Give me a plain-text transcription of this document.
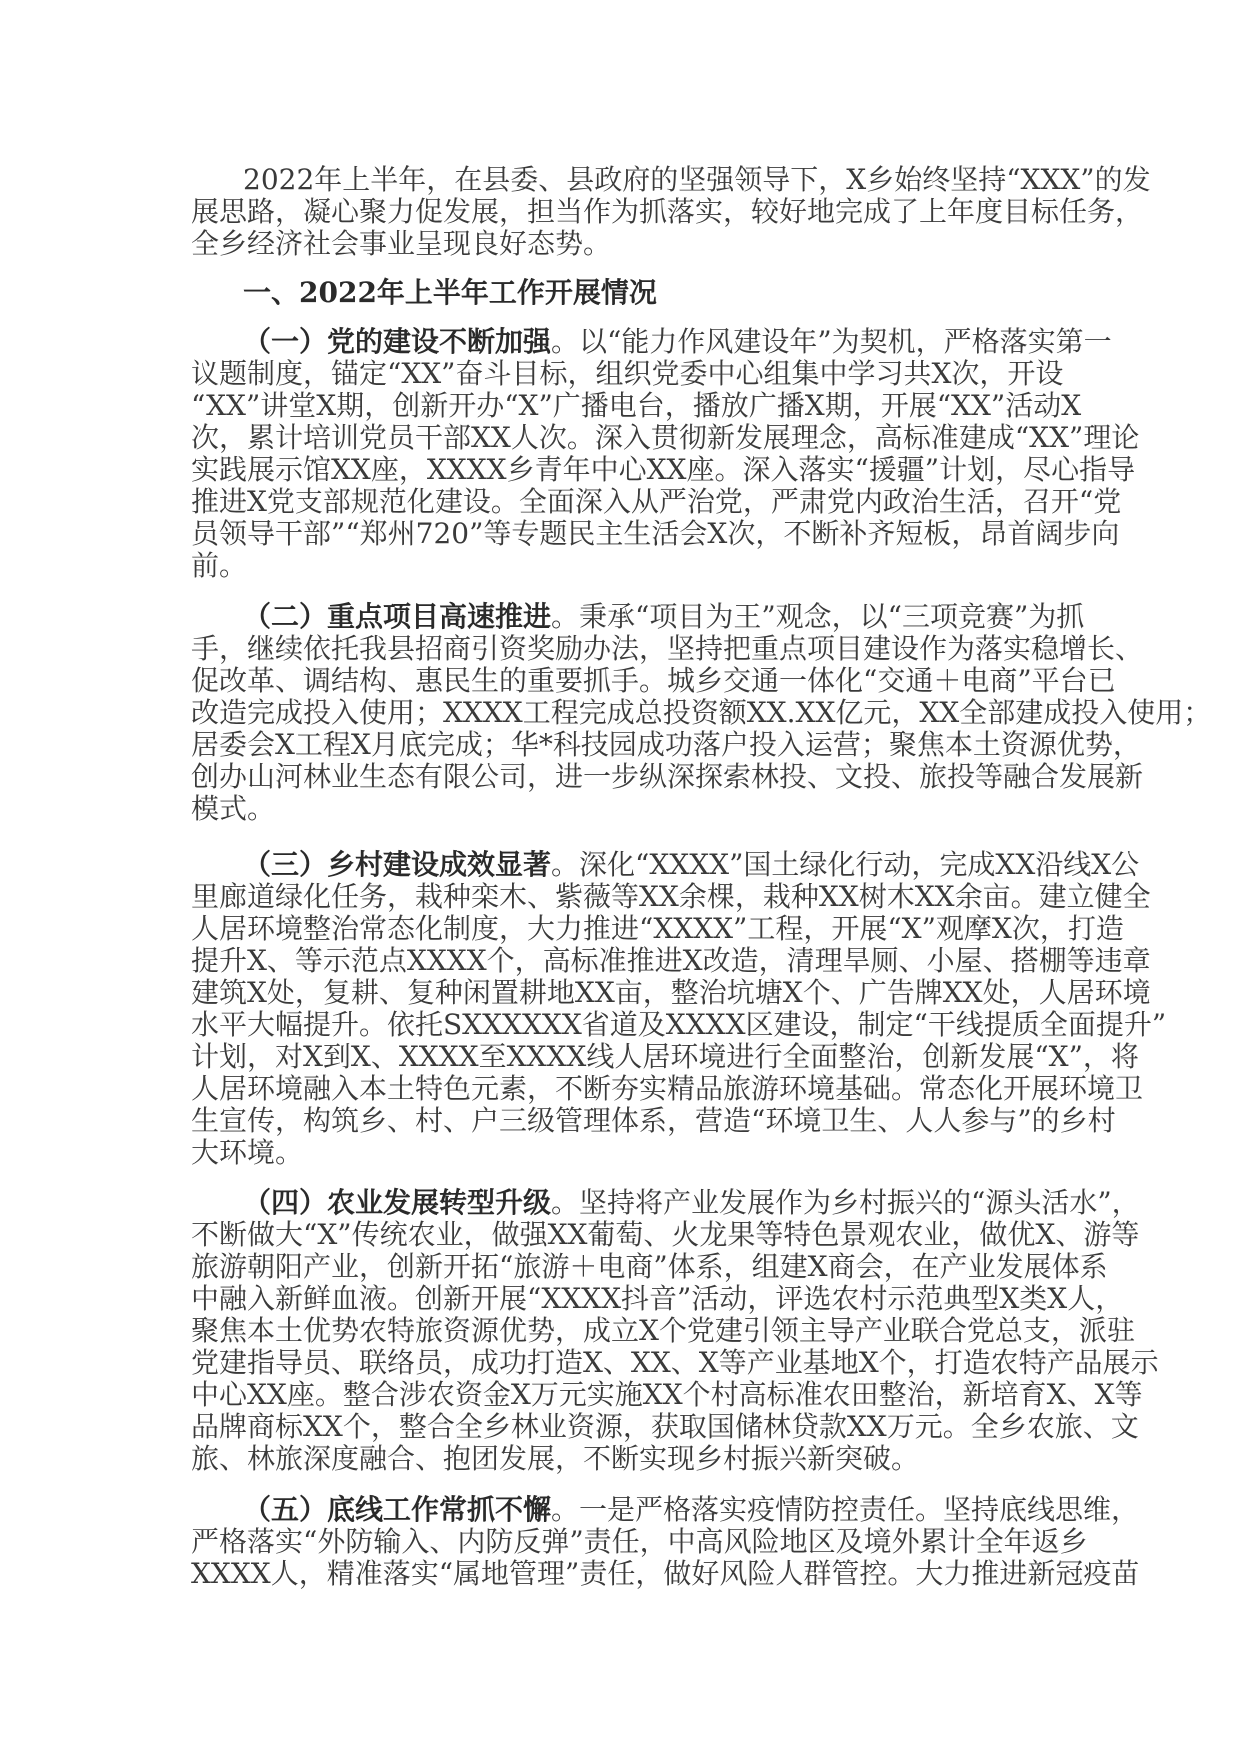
2022年上半年，在县委、县政府的坚强领导下，X乡始终坚持“XXX”的发
展思路，凝心聚力促发展，担当作为抓落实，较好地完成了上年度目标任务，
全乡经济社会事业呈现良好态势。
一、2022年上半年工作开展情况
（一）党的建设不断加强。以“能力作风建设年”为契机，严格落实第一
议题制度，锚定“XX”奋斗目标，组织党委中心组集中学习共X次，开设
“XX”讲堂X期，创新开办“X”广播电台，播放广播X期，开展“XX”活动X
次，累计培训党员干部XX人次。深入贯彻新发展理念，高标准建成“XX”理论
实践展示馆XX座，XXXX乡青年中心XX座。深入落实“援疆”计划，尽心指导
推进X党支部规范化建设。全面深入从严治党，严肃党内政治生活，召开“党
员领导干部”“郑州720”等专题民主生活会X次，不断补齐短板，昂首阔步向
前。
（二）重点项目高速推进。秉承“项目为王”观念，以“三项竞赛”为抓
手，继续依托我县招商引资奖励办法，坚持把重点项目建设作为落实稳增长、
促改革、调结构、惠民生的重要抓手。城乡交通一体化“交通＋电商”平台已
改造完成投入使用；XXXX工程完成总投资额XX.XX亿元，XX全部建成投入使用；
居委会X工程X月底完成；华*科技园成功落户投入运营；聚焦本土资源优势，
创办山河林业生态有限公司，进一步纵深探索林投、文投、旅投等融合发展新
模式。
（三）乡村建设成效显著。深化“XXXX”国土绿化行动，完成XX沿线X公
里廊道绿化任务，栽种栾木、紫薇等XX余棵，栽种XX树木XX余亩。建立健全
人居环境整治常态化制度，大力推进“XXXX”工程，开展“X”观摩X次，打造
提升X、等示范点XXXX个，高标准推进X改造，清理旱厕、小屋、搭棚等违章
建筑X处，复耕、复种闲置耕地XX亩，整治坑塘X个、广告牌XX处，人居环境
水平大幅提升。依托SXXXXXX省道及XXXX区建设，制定“干线提质全面提升”
计划，对X到X、XXXX至XXXX线人居环境进行全面整治，创新发展“X”，将
人居环境融入本土特色元素，不断夯实精品旅游环境基础。常态化开展环境卫
生宣传，构筑乡、村、户三级管理体系，营造“环境卫生、人人参与”的乡村
大环境。
（四）农业发展转型升级。坚持将产业发展作为乡村振兴的“源头活水”，
不断做大“X”传统农业，做强XX葡萄、火龙果等特色景观农业，做优X、游等
旅游朝阳产业，创新开拓“旅游＋电商”体系，组建X商会，在产业发展体系
中融入新鲜血液。创新开展“XXXX抖音”活动，评选农村示范典型X类X人，
聚焦本土优势农特旅资源优势，成立X个党建引领主导产业联合党总支，派驻
党建指导员、联络员，成功打造X、XX、X等产业基地X个，打造农特产品展示
中心XX座。整合涉农资金X万元实施XX个村高标准农田整治，新培育X、X等
品牌商标XX个，整合全乡林业资源，获取国储林贷款XX万元。全乡农旅、文
旅、林旅深度融合、抱团发展，不断实现乡村振兴新突破。
（五）底线工作常抓不懈。一是严格落实疫情防控责任。坚持底线思维，
严格落实“外防输入、内防反弹”责任，中高风险地区及境外累计全年返乡
XXXX人，精准落实“属地管理”责任，做好风险人群管控。大力推进新冠疫苗
